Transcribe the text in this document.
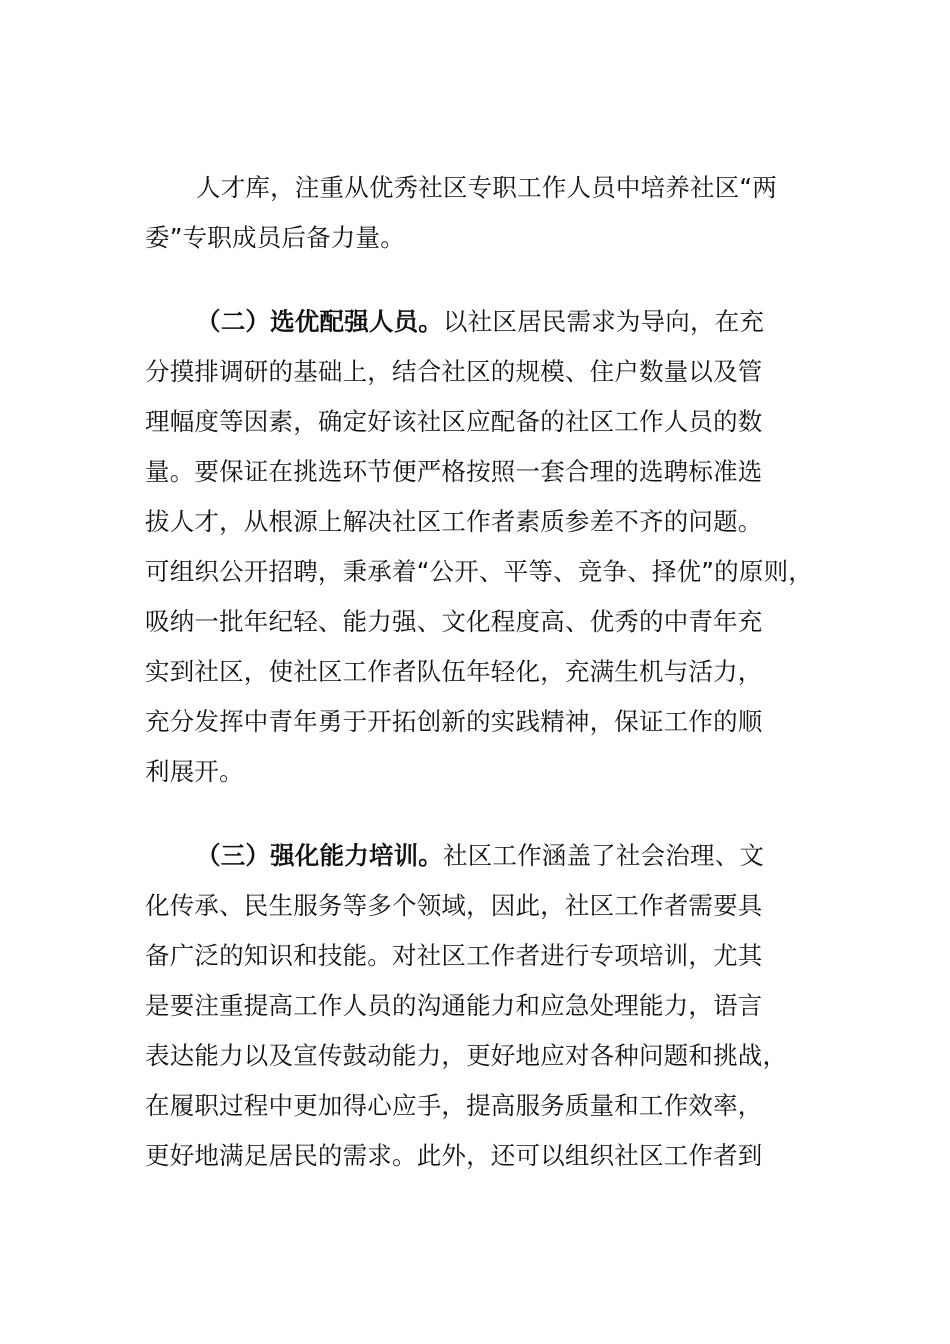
人才库，注重从优秀社区专职工作人员中培养社区“两
委”专职成员后备力量。
（二）选优配强人员。以社区居民需求为导向，在充
分摸排调研的基础上，结合社区的规模、住户数量以及管
理幅度等因素，确定好该社区应配备的社区工作人员的数
量。要保证在挑选环节便严格按照一套合理的选聘标准选
拔人才，从根源上解决社区工作者素质参差不齐的问题。
可组织公开招聘，秉承着“公开、平等、竞争、择优”的原则，
吸纳一批年纪轻、能力强、文化程度高、优秀的中青年充
实到社区，使社区工作者队伍年轻化，充满生机与活力，
充分发挥中青年勇于开拓创新的实践精神，保证工作的顺
利展开。
（三）强化能力培训。社区工作涵盖了社会治理、文
化传承、民生服务等多个领域，因此，社区工作者需要具
备广泛的知识和技能。对社区工作者进行专项培训，尤其
是要注重提高工作人员的沟通能力和应急处理能力，语言
表达能力以及宣传鼓动能力，更好地应对各种问题和挑战，
在履职过程中更加得心应手，提高服务质量和工作效率，
更好地满足居民的需求。此外，还可以组织社区工作者到
